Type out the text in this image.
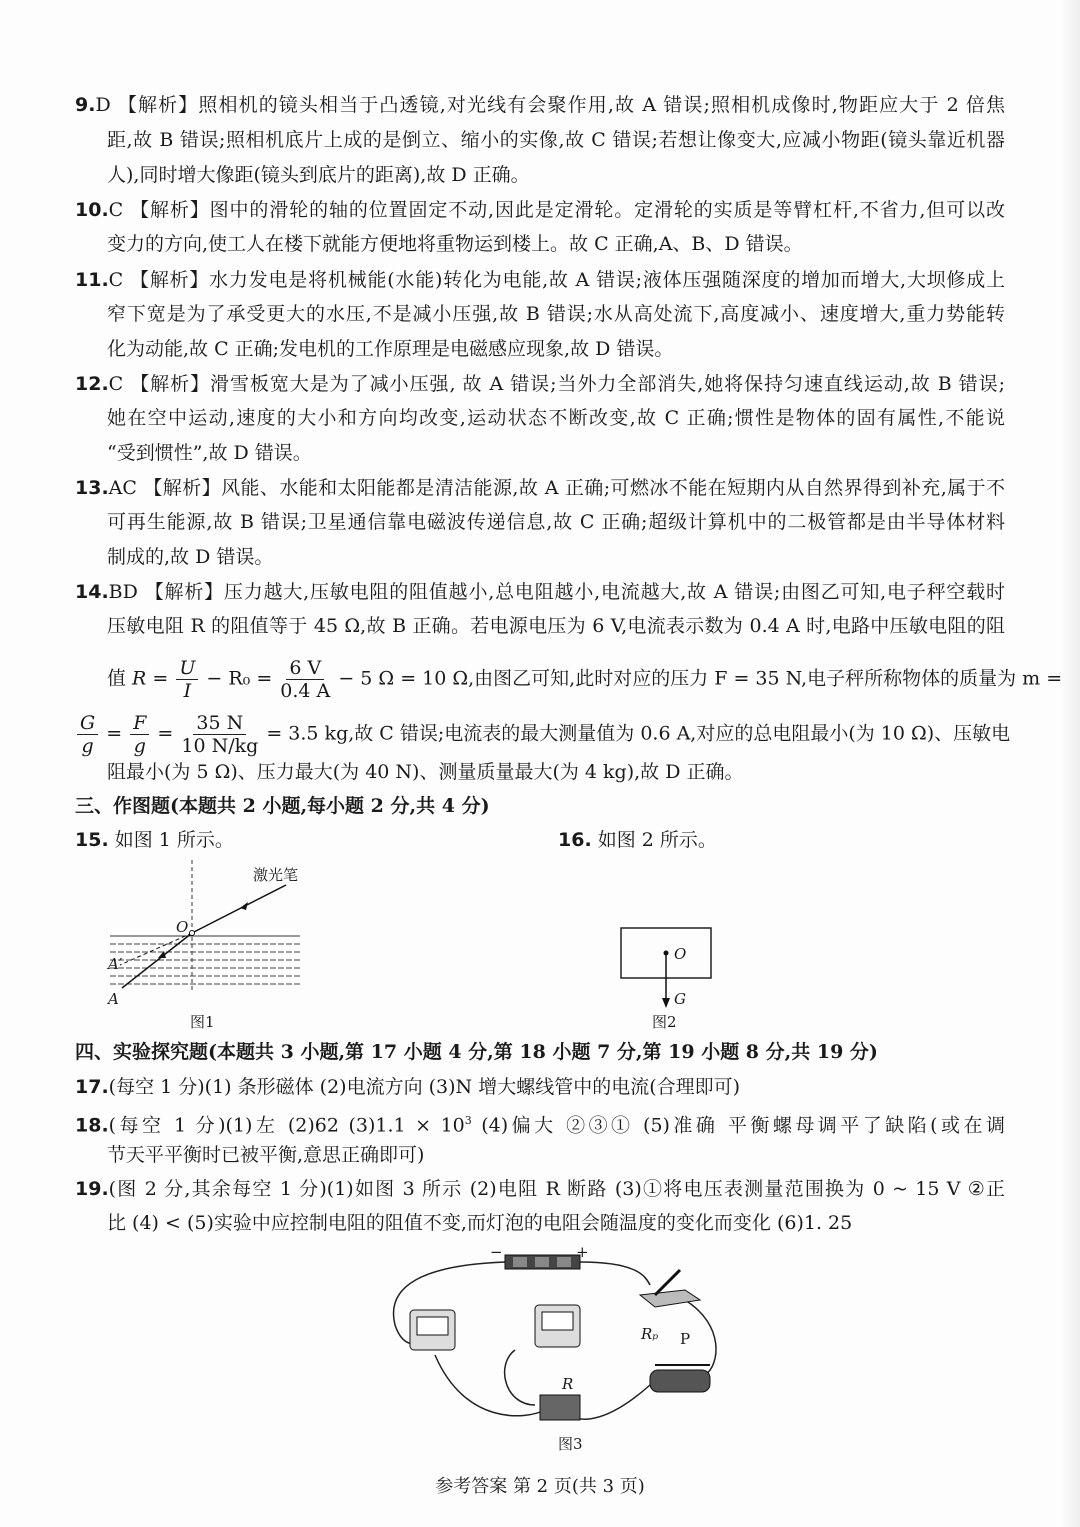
9.D 【解析】照相机的镜头相当于凸透镜,对光线有会聚作用,故 A 错误;照相机成像时,物距应大于 2 倍焦
距,故 B 错误;照相机底片上成的是倒立、缩小的实像,故 C 错误;若想让像变大,应减小物距(镜头靠近机器
人),同时增大像距(镜头到底片的距离),故 D 正确。
10.C 【解析】图中的滑轮的轴的位置固定不动,因此是定滑轮。定滑轮的实质是等臂杠杆,不省力,但可以改
变力的方向,使工人在楼下就能方便地将重物运到楼上。故 C 正确,A、B、D 错误。
11.C 【解析】水力发电是将机械能(水能)转化为电能,故 A 错误;液体压强随深度的增加而增大,大坝修成上
窄下宽是为了承受更大的水压,不是减小压强,故 B 错误;水从高处流下,高度减小、速度增大,重力势能转
化为动能,故 C 正确;发电机的工作原理是电磁感应现象,故 D 错误。
12.C 【解析】滑雪板宽大是为了减小压强, 故 A 错误;当外力全部消失,她将保持匀速直线运动,故 B 错误;
她在空中运动,速度的大小和方向均改变,运动状态不断改变,故 C 正确;惯性是物体的固有属性,不能说
“受到惯性”,故 D 错误。
13.AC 【解析】风能、水能和太阳能都是清洁能源,故 A 正确;可燃冰不能在短期内从自然界得到补充,属于不
可再生能源,故 B 错误;卫星通信靠电磁波传递信息,故 C 正确;超级计算机中的二极管都是由半导体材料
制成的,故 D 错误。
14.BD 【解析】压力越大,压敏电阻的阻值越小,总电阻越小,电流越大,故 A 错误;由图乙可知,电子秤空载时
压敏电阻 R 的阻值等于 45 Ω,故 B 正确。若电源电压为 6 V,电流表示数为 0.4 A 时,电路中压敏电阻的阻
值 $R = \frac{U}{I} - R_0 = \frac{6 V}{0.4 A} - 5$ Ω = 10 Ω,由图乙可知,此时对应的压力 F = 35 N,电子秤所称物体的质量为 m =
$\frac{G}{g} = \frac{F}{g} = \frac{35 N}{10 N/kg} = 3.5$ kg,故 C 错误;电流表的最大测量值为 0.6 A,对应的总电阻最小(为 10 Ω)、压敏电
阻最小(为 5 Ω)、压力最大(为 40 N)、测量质量最大(为 4 kg),故 D 正确。
三、作图题(本题共 2 小题,每小题 2 分,共 4 分)
15. 如图 1 所示。	16. 如图 2 所示。
激光笔
O
A′
A
图1
O
G
图2
四、实验探究题(本题共 3 小题,第 17 小题 4 分,第 18 小题 7 分,第 19 小题 8 分,共 19 分)
17.(每空 1 分)(1) 条形磁体 (2)电流方向 (3)N 增大螺线管中的电流(合理即可)
18.(每空 1 分)(1)左 (2)62 $(3)1.1 \times 10^3$ (4)偏大 ②③① (5)准确 平衡螺母调平了缺陷(或在调
节天平平衡时已被平衡,意思正确即可)
19.(图 2 分,其余每空 1 分)(1)如图 3 所示 (2)电阻 R 断路 (3)①将电压表测量范围换为 0 ~ 15 V ②正
比 (4) < (5)实验中应控制电阻的阻值不变,而灯泡的电阻会随温度的变化而变化 (6)1. 25
−	+
Rₚ P
R
图3
参考答案 第 2 页(共 3 页)
